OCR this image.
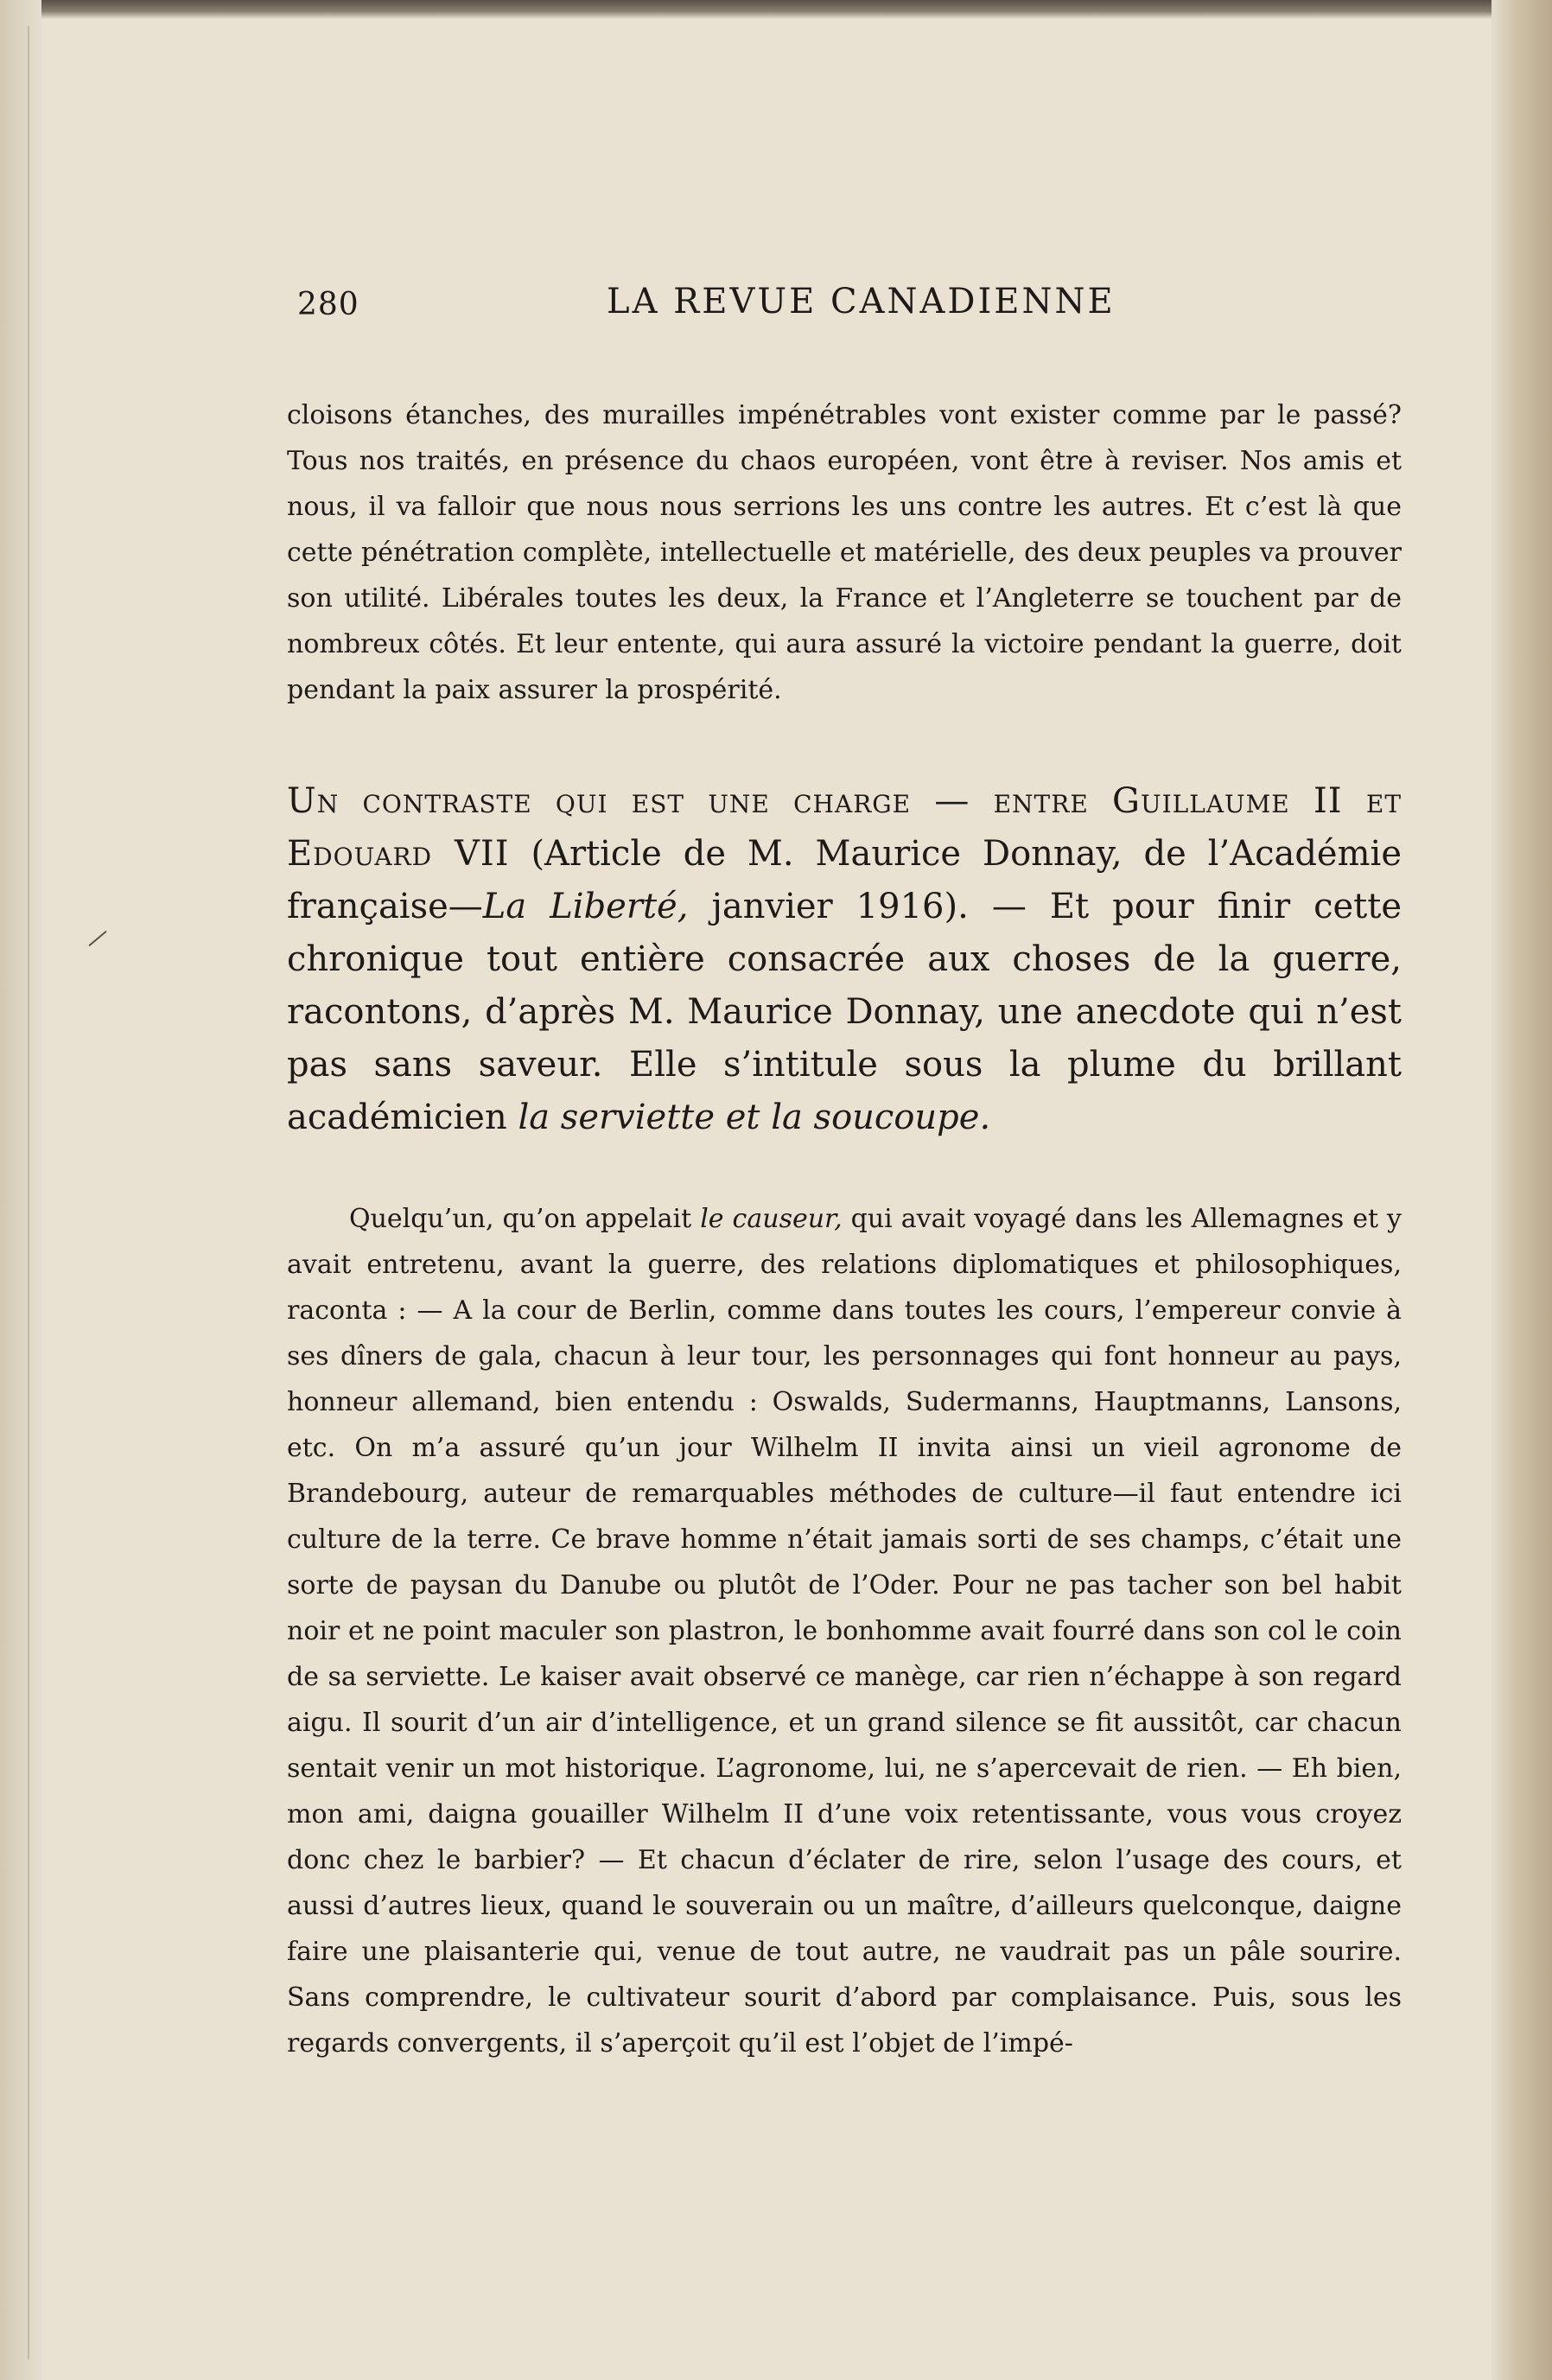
280	LA REVUE CANADIENNE

cloisons étanches, des murailles impénétrables vont exister comme par le passé? Tous nos traités, en présence du chaos européen, vont être à reviser. Nos amis et nous, il va falloir que nous nous serrions les uns contre les autres. Et c’est là que cette pénétration complète, intellectuelle et matérielle, des deux peuples va prouver son utilité. Libérales toutes les deux, la France et l’Angleterre se touchent par de nombreux côtés. Et leur entente, qui aura assuré la victoire pendant la guerre, doit pendant la paix assurer la prospérité.

Un contraste qui est une charge — entre Guillaume II et Edouard VII (Article de M. Maurice Donnay, de l’Académie française—La Liberté, janvier 1916). — Et pour finir cette chronique tout entière consacrée aux choses de la guerre, racontons, d’après M. Maurice Donnay, une anecdote qui n’est pas sans saveur. Elle s’intitule sous la plume du brillant académicien la serviette et la soucoupe.

Quelqu’un, qu’on appelait le causeur, qui avait voyagé dans les Allemagnes et y avait entretenu, avant la guerre, des relations diplomatiques et philosophiques, raconta : — A la cour de Berlin, comme dans toutes les cours, l’empereur convie à ses dîners de gala, chacun à leur tour, les personnages qui font honneur au pays, honneur allemand, bien entendu : Oswalds, Sudermanns, Hauptmanns, Lansons, etc. On m’a assuré qu’un jour Wilhelm II invita ainsi un vieil agronome de Brandebourg, auteur de remarquables méthodes de culture—il faut entendre ici culture de la terre. Ce brave homme n’était jamais sorti de ses champs, c’était une sorte de paysan du Danube ou plutôt de l’Oder. Pour ne pas tacher son bel habit noir et ne point maculer son plastron, le bonhomme avait fourré dans son col le coin de sa serviette. Le kaiser avait observé ce manège, car rien n’échappe à son regard aigu. Il sourit d’un air d’intelligence, et un grand silence se fit aussitôt, car chacun sentait venir un mot historique. L’agronome, lui, ne s’apercevait de rien. — Eh bien, mon ami, daigna gouailler Wilhelm II d’une voix retentissante, vous vous croyez donc chez le barbier? — Et chacun d’éclater de rire, selon l’usage des cours, et aussi d’autres lieux, quand le souverain ou un maître, d’ailleurs quelconque, daigne faire une plaisanterie qui, venue de tout autre, ne vaudrait pas un pâle sourire. Sans comprendre, le cultivateur sourit d’abord par complaisance. Puis, sous les regards convergents, il s’aperçoit qu’il est l’objet de l’impé-
